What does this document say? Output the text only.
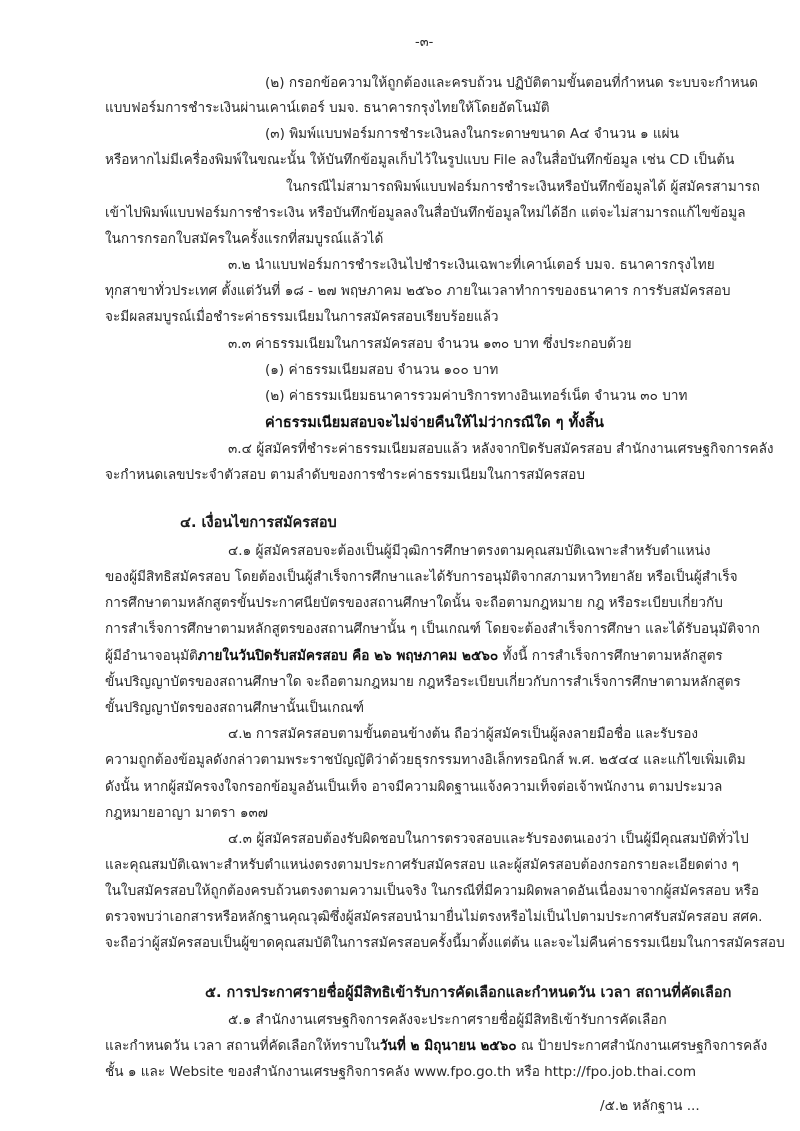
-๓-
(๒) กรอกข้อความให้ถูกต้องและครบถ้วน ปฏิบัติตามขั้นตอนที่กำหนด ระบบจะกำหนด
แบบฟอร์มการชำระเงินผ่านเคาน์เตอร์ บมจ. ธนาคารกรุงไทยให้โดยอัตโนมัติ
(๓) พิมพ์แบบฟอร์มการชำระเงินลงในกระดาษขนาด A๔ จำนวน ๑ แผ่น
หรือหากไม่มีเครื่องพิมพ์ในขณะนั้น ให้บันทึกข้อมูลเก็บไว้ในรูปแบบ File ลงในสื่อบันทึกข้อมูล เช่น CD เป็นต้น
ในกรณีไม่สามารถพิมพ์แบบฟอร์มการชำระเงินหรือบันทึกข้อมูลได้ ผู้สมัครสามารถ
เข้าไปพิมพ์แบบฟอร์มการชำระเงิน หรือบันทึกข้อมูลลงในสื่อบันทึกข้อมูลใหม่ได้อีก แต่จะไม่สามารถแก้ไขข้อมูล
ในการกรอกใบสมัครในครั้งแรกที่สมบูรณ์แล้วได้
๓.๒ นำแบบฟอร์มการชำระเงินไปชำระเงินเฉพาะที่เคาน์เตอร์ บมจ. ธนาคารกรุงไทย
ทุกสาขาทั่วประเทศ ตั้งแต่วันที่ ๑๘ - ๒๗ พฤษภาคม ๒๕๖๐ ภายในเวลาทำการของธนาคาร การรับสมัครสอบ
จะมีผลสมบูรณ์เมื่อชำระค่าธรรมเนียมในการสมัครสอบเรียบร้อยแล้ว
๓.๓ ค่าธรรมเนียมในการสมัครสอบ จำนวน ๑๓๐ บาท ซึ่งประกอบด้วย
(๑) ค่าธรรมเนียมสอบ จำนวน ๑๐๐ บาท
(๒) ค่าธรรมเนียมธนาคารรวมค่าบริการทางอินเทอร์เน็ต จำนวน ๓๐ บาท
ค่าธรรมเนียมสอบจะไม่จ่ายคืนให้ไม่ว่ากรณีใด ๆ ทั้งสิ้น
๓.๔ ผู้สมัครที่ชำระค่าธรรมเนียมสอบแล้ว หลังจากปิดรับสมัครสอบ สำนักงานเศรษฐกิจการคลัง
จะกำหนดเลขประจำตัวสอบ ตามลำดับของการชำระค่าธรรมเนียมในการสมัครสอบ
๔. เงื่อนไขการสมัครสอบ
๔.๑ ผู้สมัครสอบจะต้องเป็นผู้มีวุฒิการศึกษาตรงตามคุณสมบัติเฉพาะสำหรับตำแหน่ง
ของผู้มีสิทธิสมัครสอบ โดยต้องเป็นผู้สำเร็จการศึกษาและได้รับการอนุมัติจากสภามหาวิทยาลัย หรือเป็นผู้สำเร็จ
การศึกษาตามหลักสูตรขั้นประกาศนียบัตรของสถานศึกษาใดนั้น จะถือตามกฎหมาย กฎ หรือระเบียบเกี่ยวกับ
การสำเร็จการศึกษาตามหลักสูตรของสถานศึกษานั้น ๆ เป็นเกณฑ์ โดยจะต้องสำเร็จการศึกษา และได้รับอนุมัติจาก
ผู้มีอำนาจอนุมัติภายในวันปิดรับสมัครสอบ คือ ๒๖ พฤษภาคม ๒๕๖๐ ทั้งนี้ การสำเร็จการศึกษาตามหลักสูตร
ขั้นปริญญาบัตรของสถานศึกษาใด จะถือตามกฎหมาย กฎหรือระเบียบเกี่ยวกับการสำเร็จการศึกษาตามหลักสูตร
ขั้นปริญญาบัตรของสถานศึกษานั้นเป็นเกณฑ์
๔.๒ การสมัครสอบตามขั้นตอนข้างต้น ถือว่าผู้สมัครเป็นผู้ลงลายมือชื่อ และรับรอง
ความถูกต้องข้อมูลดังกล่าวตามพระราชบัญญัติว่าด้วยธุรกรรมทางอิเล็กทรอนิกส์ พ.ศ. ๒๕๔๔ และแก้ไขเพิ่มเติม
ดังนั้น หากผู้สมัครจงใจกรอกข้อมูลอันเป็นเท็จ อาจมีความผิดฐานแจ้งความเท็จต่อเจ้าพนักงาน ตามประมวล
กฎหมายอาญา มาตรา ๑๓๗
๔.๓ ผู้สมัครสอบต้องรับผิดชอบในการตรวจสอบและรับรองตนเองว่า เป็นผู้มีคุณสมบัติทั่วไป
และคุณสมบัติเฉพาะสำหรับตำแหน่งตรงตามประกาศรับสมัครสอบ และผู้สมัครสอบต้องกรอกรายละเอียดต่าง ๆ
ในใบสมัครสอบให้ถูกต้องครบถ้วนตรงตามความเป็นจริง ในกรณีที่มีความผิดพลาดอันเนื่องมาจากผู้สมัครสอบ หรือ
ตรวจพบว่าเอกสารหรือหลักฐานคุณวุฒิซึ่งผู้สมัครสอบนำมายื่นไม่ตรงหรือไม่เป็นไปตามประกาศรับสมัครสอบ สศค.
จะถือว่าผู้สมัครสอบเป็นผู้ขาดคุณสมบัติในการสมัครสอบครั้งนี้มาตั้งแต่ต้น และจะไม่คืนค่าธรรมเนียมในการสมัครสอบ
๕. การประกาศรายชื่อผู้มีสิทธิเข้ารับการคัดเลือกและกำหนดวัน เวลา สถานที่คัดเลือก
๕.๑ สำนักงานเศรษฐกิจการคลังจะประกาศรายชื่อผู้มีสิทธิเข้ารับการคัดเลือก
และกำหนดวัน เวลา สถานที่คัดเลือกให้ทราบในวันที่ ๒ มิถุนายน ๒๕๖๐ ณ ป้ายประกาศสำนักงานเศรษฐกิจการคลัง
ชั้น ๑ และ Website ของสำนักงานเศรษฐกิจการคลัง www.fpo.go.th หรือ http://fpo.job.thai.com
/๕.๒ หลักฐาน ...
